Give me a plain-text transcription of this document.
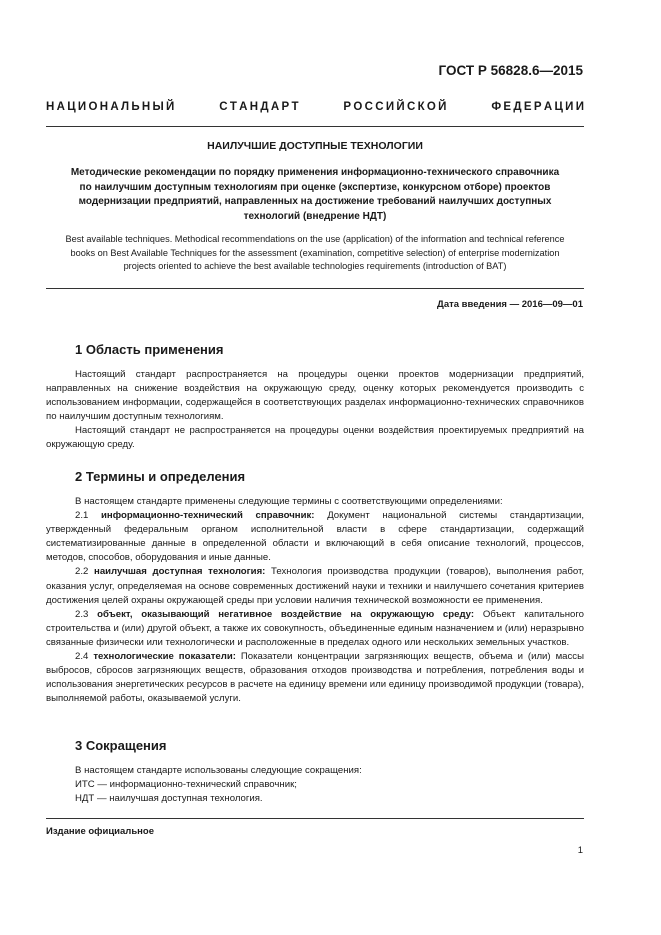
ГОСТ Р 56828.6—2015
Н А Ц И О Н А Л Ь Н Ы Й	С Т А Н Д А Р Т	Р О С С И Й С К О Й	Ф Е Д Е Р А Ц И И
НАИЛУЧШИЕ ДОСТУПНЫЕ ТЕХНОЛОГИИ
Методические рекомендации по порядку применения информационно-технического справочника по наилучшим доступным технологиям при оценке (экспертизе, конкурсном отборе) проектов модернизации предприятий, направленных на достижение требований наилучших доступных технологий (внедрение НДТ)
Best available techniques. Methodical recommendations on the use (application) of the information and technical reference books on Best Available Techniques for the assessment (examination, competitive selection) of enterprise modernization projects oriented to achieve the best available technologies requirements (introduction of BAT)
Дата введения — 2016—09—01
1 Область применения

Настоящий стандарт распространяется на процедуры оценки проектов модернизации предприятий, направленных на снижение воздействия на окружающую среду, оценку которых рекомендуется производить с использованием информации, содержащейся в соответствующих разделах информационно-технических справочников по наилучшим доступным технологиям.

Настоящий стандарт не распространяется на процедуры оценки воздействия проектируемых предприятий на окружающую среду.

2 Термины и определения

В настоящем стандарте применены следующие термины с соответствующими определениями:

2.1 информационно-технический справочник: Документ национальной системы стандартизации, утвержденный федеральным органом исполнительной власти в сфере стандартизации, содержащий систематизированные данные в определенной области и включающий в себя описание технологий, процессов, методов, способов, оборудования и иные данные.

2.2 наилучшая доступная технология: Технология производства продукции (товаров), выполнения работ, оказания услуг, определяемая на основе современных достижений науки и техники и наилучшего сочетания критериев достижения целей охраны окружающей среды при условии наличия технической возможности ее применения.

2.3 объект, оказывающий негативное воздействие на окружающую среду: Объект капитального строительства и (или) другой объект, а также их совокупность, объединенные единым назначением и (или) неразрывно связанные физически или технологически и расположенные в пределах одного или нескольких земельных участков.

2.4 технологические показатели: Показатели концентрации загрязняющих веществ, объема и (или) массы выбросов, сбросов загрязняющих веществ, образования отходов производства и потребления, потребления воды и использования энергетических ресурсов в расчете на единицу времени или единицу производимой продукции (товара), выполняемой работы, оказываемой услуги.

3 Сокращения

В настоящем стандарте использованы следующие сокращения:

ИТС — информационно-технический справочник;

НДТ — наилучшая доступная технология.

Издание официальное
1
